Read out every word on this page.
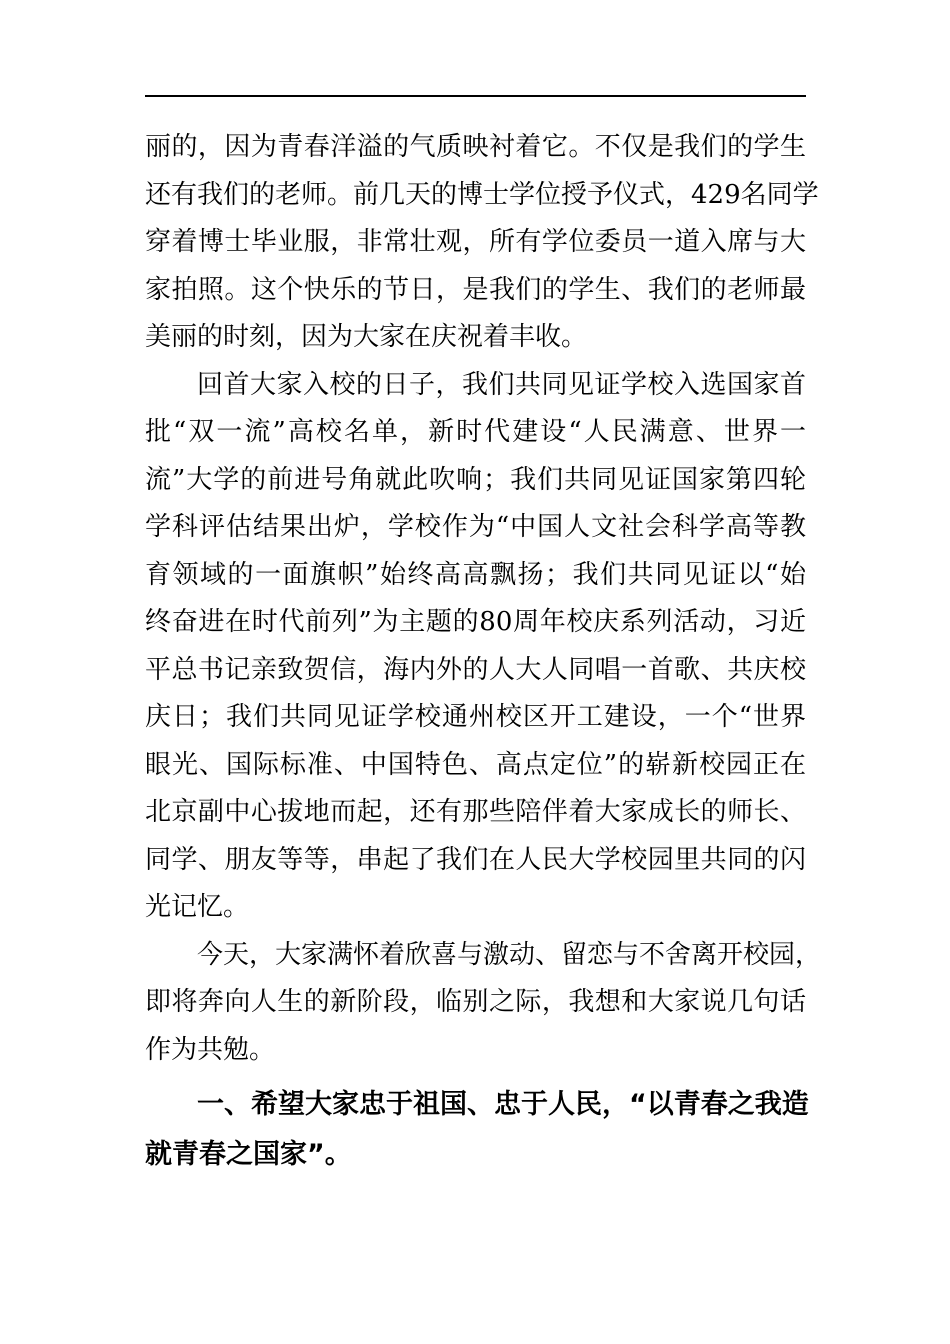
丽的，因为青春洋溢的气质映衬着它。不仅是我们的学生
还有我们的老师。前几天的博士学位授予仪式，429名同学
穿着博士毕业服，非常壮观，所有学位委员一道入席与大
家拍照。这个快乐的节日，是我们的学生、我们的老师最
美丽的时刻，因为大家在庆祝着丰收。
回首大家入校的日子，我们共同见证学校入选国家首
批“双一流”高校名单，新时代建设“人民满意、世界一
流”大学的前进号角就此吹响；我们共同见证国家第四轮
学科评估结果出炉，学校作为“中国人文社会科学高等教
育领域的一面旗帜”始终高高飘扬；我们共同见证以“始
终奋进在时代前列”为主题的80周年校庆系列活动，习近
平总书记亲致贺信，海内外的人大人同唱一首歌、共庆校
庆日；我们共同见证学校通州校区开工建设，一个“世界
眼光、国际标准、中国特色、高点定位”的崭新校园正在
北京副中心拔地而起，还有那些陪伴着大家成长的师长、
同学、朋友等等，串起了我们在人民大学校园里共同的闪
光记忆。
今天，大家满怀着欣喜与激动、留恋与不舍离开校园，
即将奔向人生的新阶段，临别之际，我想和大家说几句话
作为共勉。
一、希望大家忠于祖国、忠于人民，“以青春之我造
就青春之国家”。
